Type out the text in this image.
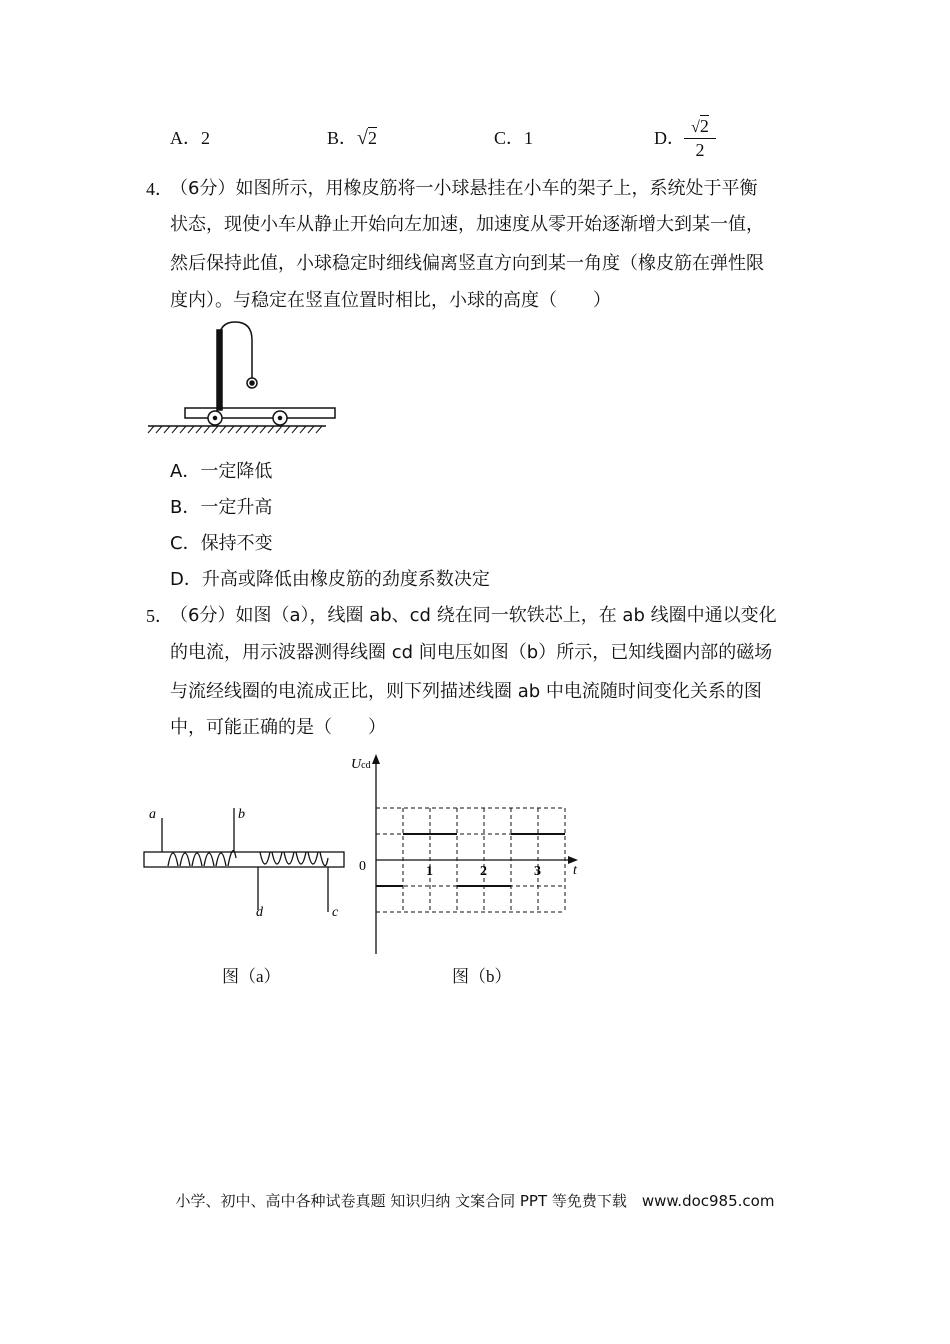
A．2	B．√2	C．1	D． $\frac{√2}{2}$
4．
（6分）如图所示，用橡皮筋将一小球悬挂在小车的架子上，系统处于平衡
状态，现使小车从静止开始向左加速，加速度从零开始逐渐增大到某一值，
然后保持此值，小球稳定时细线偏离竖直方向到某一角度（橡皮筋在弹性限
度内）。与稳定在竖直位置时相比，小球的高度（　　）
A．一定降低
B．一定升高
C．保持不变
D．升高或降低由橡皮筋的劲度系数决定
5．
（6分）如图（a），线圈 ab、cd 绕在同一软铁芯上，在 ab 线圈中通以变化
的电流，用示波器测得线圈 cd 间电压如图（b）所示，已知线圈内部的磁场
与流经线圈的电流成正比，则下列描述线圈 ab 中电流随时间变化关系的图
中，可能正确的是（　　）
a	b
d	c
图（a）
Ucd
t
0	1	2	3
图（b）
小学、初中、高中各种试卷真题 知识归纳 文案合同 PPT 等免费下载　www.doc985.com
